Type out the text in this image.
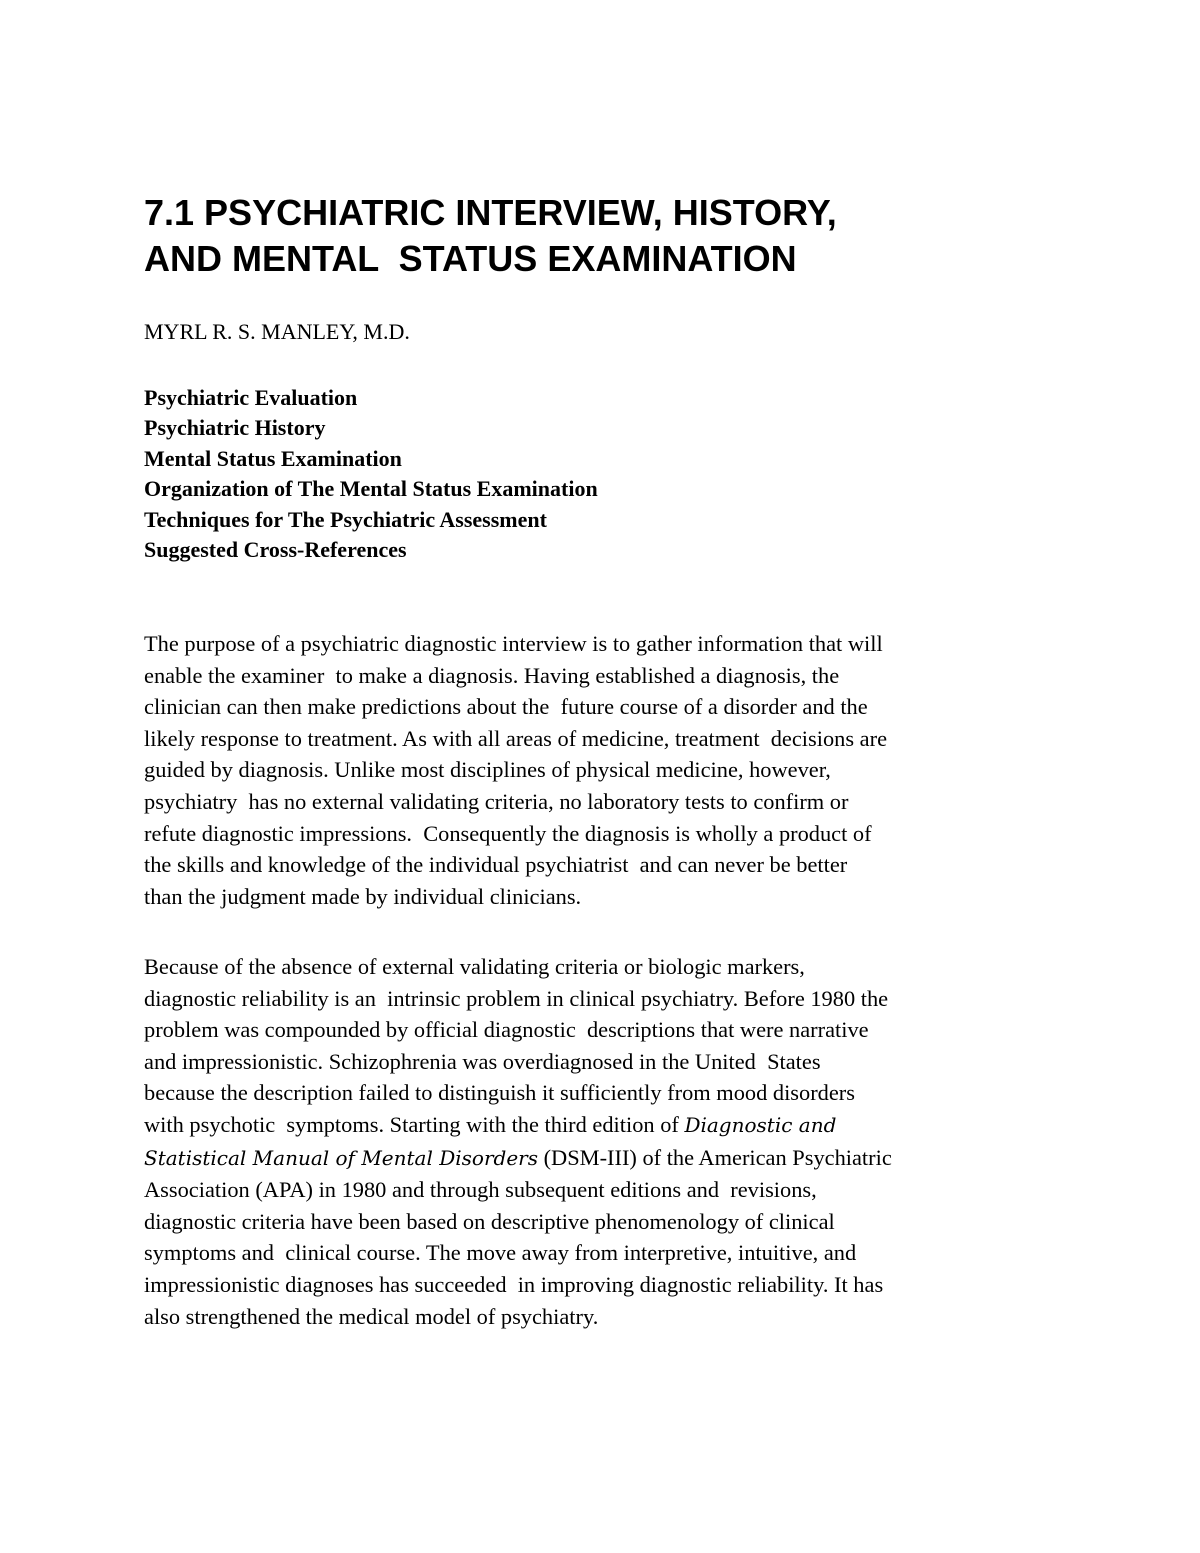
7.1 PSYCHIATRIC INTERVIEW, HISTORY,
AND MENTAL  STATUS EXAMINATION

MYRL R. S. MANLEY, M.D.

Psychiatric Evaluation
Psychiatric History
Mental Status Examination
Organization of The Mental Status Examination
Techniques for The Psychiatric Assessment
Suggested Cross-References

The purpose of a psychiatric diagnostic interview is to gather information that will
enable the examiner  to make a diagnosis. Having established a diagnosis, the
clinician can then make predictions about the  future course of a disorder and the
likely response to treatment. As with all areas of medicine, treatment  decisions are
guided by diagnosis. Unlike most disciplines of physical medicine, however,
psychiatry  has no external validating criteria, no laboratory tests to confirm or
refute diagnostic impressions.  Consequently the diagnosis is wholly a product of
the skills and knowledge of the individual psychiatrist  and can never be better
than the judgment made by individual clinicians.

Because of the absence of external validating criteria or biologic markers,
diagnostic reliability is an  intrinsic problem in clinical psychiatry. Before 1980 the
problem was compounded by official diagnostic  descriptions that were narrative
and impressionistic. Schizophrenia was overdiagnosed in the United  States
because the description failed to distinguish it sufficiently from mood disorders
with psychotic  symptoms. Starting with the third edition of Diagnostic and
Statistical Manual of Mental Disorders (DSM-III) of the American Psychiatric
Association (APA) in 1980 and through subsequent editions and  revisions,
diagnostic criteria have been based on descriptive phenomenology of clinical
symptoms and  clinical course. The move away from interpretive, intuitive, and
impressionistic diagnoses has succeeded  in improving diagnostic reliability. It has
also strengthened the medical model of psychiatry.
